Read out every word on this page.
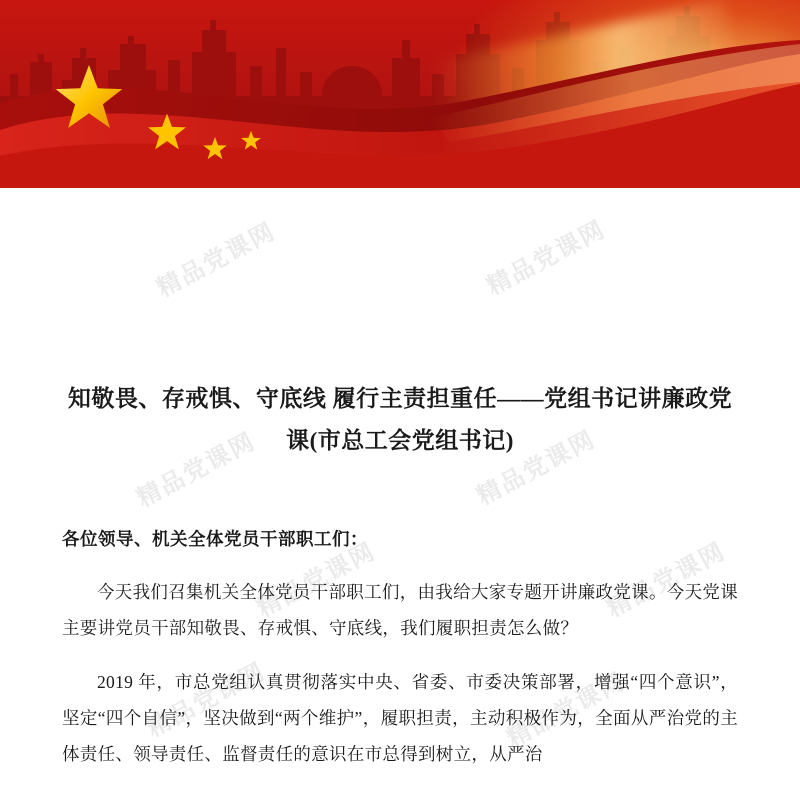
精品党课网	精品党课网
精品党课网	精品党课网
精品党课网	精品党课网
精品党课网	精品党课网
知敬畏、存戒惧、守底线 履行主责担重任——党组书记讲廉政党课(市总工会党组书记)

各位领导、机关全体党员干部职工们：

今天我们召集机关全体党员干部职工们，由我给大家专题开讲廉政党课。今天党课主要讲党员干部知敬畏、存戒惧、守底线，我们履职担责怎么做？

2019 年，市总党组认真贯彻落实中央、省委、市委决策部署，增强“四个意识”，坚定“四个自信”，坚决做到“两个维护”，履职担责，主动积极作为，全面从严治党的主体责任、领导责任、监督责任的意识在市总得到树立，从严治
